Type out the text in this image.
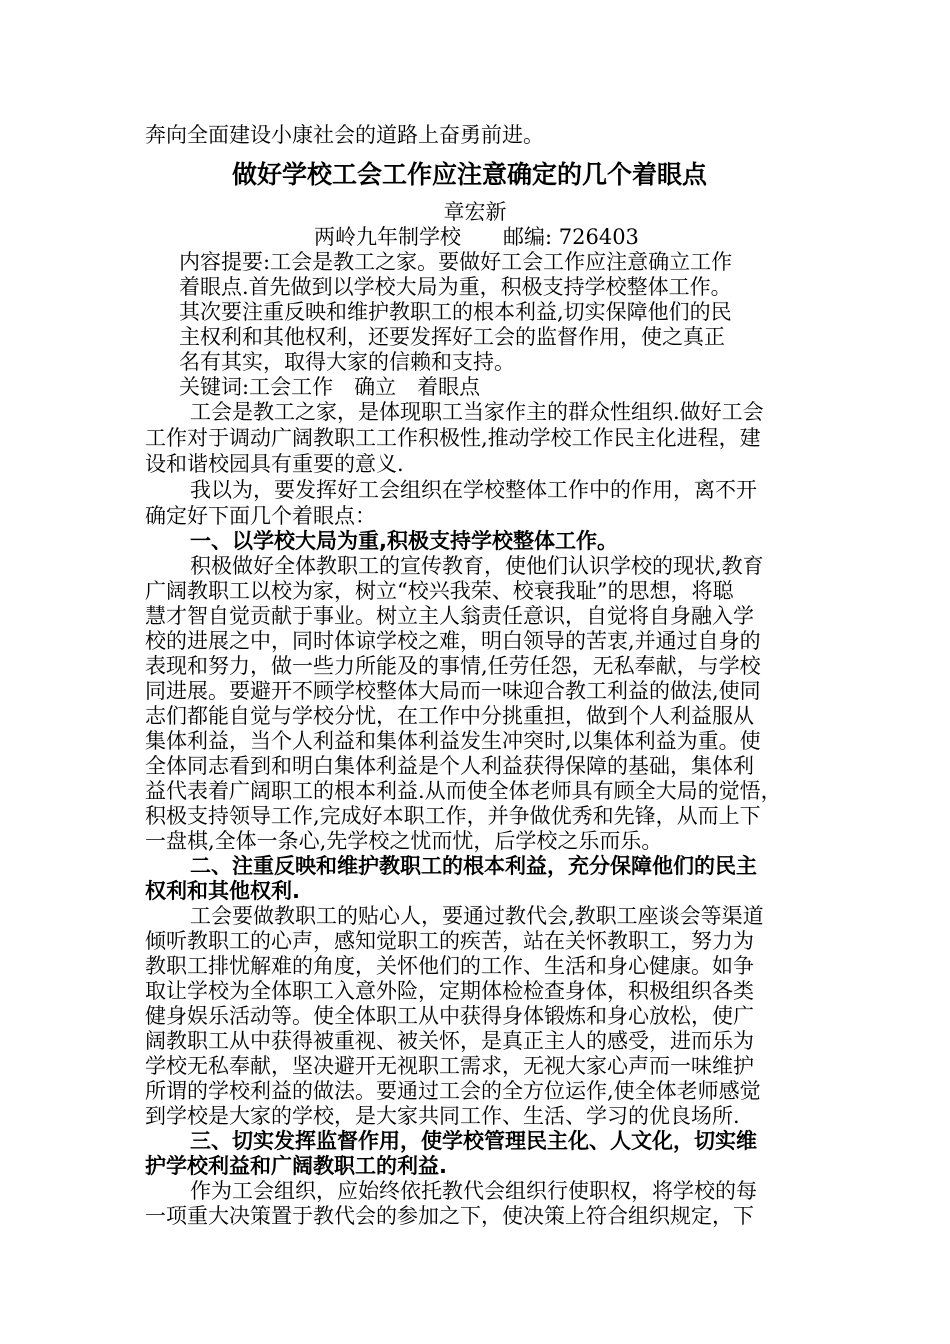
奔向全面建设小康社会的道路上奋勇前进。
做好学校工会工作应注意确定的几个着眼点
章宏新
两岭九年制学校　　邮编: 726403
内容提要:工会是教工之家。要做好工会工作应注意确立工作
着眼点.首先做到以学校大局为重，积极支持学校整体工作。
其次要注重反映和维护教职工的根本利益,切实保障他们的民
主权利和其他权利，还要发挥好工会的监督作用，使之真正
名有其实，取得大家的信赖和支持。
关键词:工会工作　确立　着眼点
工会是教工之家，是体现职工当家作主的群众性组织.做好工会
工作对于调动广阔教职工工作积极性,推动学校工作民主化进程，建
设和谐校园具有重要的意义.
我以为，要发挥好工会组织在学校整体工作中的作用，离不开
确定好下面几个着眼点：
一、以学校大局为重,积极支持学校整体工作。
积极做好全体教职工的宣传教育，使他们认识学校的现状,教育
广阔教职工以校为家，树立“校兴我荣、校衰我耻”的思想，将聪
慧才智自觉贡献于事业。树立主人翁责任意识，自觉将自身融入学
校的进展之中，同时体谅学校之难，明白领导的苦衷,并通过自身的
表现和努力，做一些力所能及的事情,任劳任怨，无私奉献，与学校
同进展。要避开不顾学校整体大局而一味迎合教工利益的做法,使同
志们都能自觉与学校分忧，在工作中分挑重担，做到个人利益服从
集体利益，当个人利益和集体利益发生冲突时,以集体利益为重。使
全体同志看到和明白集体利益是个人利益获得保障的基础，集体利
益代表着广阔职工的根本利益.从而使全体老师具有顾全大局的觉悟，
积极支持领导工作,完成好本职工作，并争做优秀和先锋，从而上下
一盘棋,全体一条心,先学校之忧而忧，后学校之乐而乐。
二、注重反映和维护教职工的根本利益，充分保障他们的民主
权利和其他权利.
工会要做教职工的贴心人，要通过教代会,教职工座谈会等渠道
倾听教职工的心声，感知觉职工的疾苦，站在关怀教职工，努力为
教职工排忧解难的角度，关怀他们的工作、生活和身心健康。如争
取让学校为全体职工入意外险，定期体检检查身体，积极组织各类
健身娱乐活动等。使全体职工从中获得身体锻炼和身心放松，使广
阔教职工从中获得被重视、被关怀，是真正主人的感受，进而乐为
学校无私奉献，坚决避开无视职工需求，无视大家心声而一味维护
所谓的学校利益的做法。要通过工会的全方位运作,使全体老师感觉
到学校是大家的学校，是大家共同工作、生活、学习的优良场所.
三、切实发挥监督作用，使学校管理民主化、人文化，切实维
护学校利益和广阔教职工的利益.
作为工会组织，应始终依托教代会组织行使职权，将学校的每
一项重大决策置于教代会的参加之下，使决策上符合组织规定，下
